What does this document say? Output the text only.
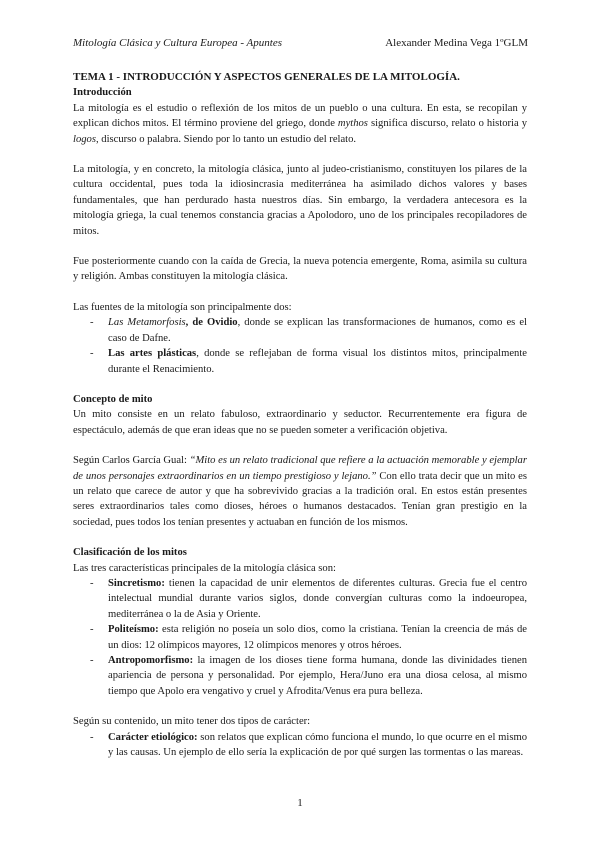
Mitología Clásica y Cultura Europea - Apuntes	Alexander Medina Vega 1ºGLM
TEMA 1 - INTRODUCCIÓN Y ASPECTOS GENERALES DE LA MITOLOGÍA.
Introducción

La mitología es el estudio o reflexión de los mitos de un pueblo o una cultura. En esta, se recopilan y explican dichos mitos. El término proviene del griego, donde mythos significa discurso, relato o historia y logos, discurso o palabra. Siendo por lo tanto un estudio del relato.

La mitología, y en concreto, la mitología clásica, junto al judeo-cristianismo, constituyen los pilares de la cultura occidental, pues toda la idiosincrasia mediterránea ha asimilado dichos valores y bases fundamentales, que han perdurado hasta nuestros días. Sin embargo, la verdadera antecesora es la mitología griega, la cual tenemos constancia gracias a Apolodoro, uno de los principales recopiladores de mitos.

Fue posteriormente cuando con la caída de Grecia, la nueva potencia emergente, Roma, asimila su cultura y religión. Ambas constituyen la mitología clásica.

Las fuentes de la mitología son principalmente dos:

- Las Metamorfosis, de Ovidio, donde se explican las transformaciones de humanos, como es el caso de Dafne.
- Las artes plásticas, donde se reflejaban de forma visual los distintos mitos, principalmente durante el Renacimiento.
Concepto de mito

Un mito consiste en un relato fabuloso, extraordinario y seductor. Recurrentemente era figura de espectáculo, además de que eran ideas que no se pueden someter a verificación objetiva.

Según Carlos García Gual: “Mito es un relato tradicional que refiere a la actuación memorable y ejemplar de unos personajes extraordinarios en un tiempo prestigioso y lejano.” Con ello trata decir que un mito es un relato que carece de autor y que ha sobrevivido gracias a la tradición oral. En estos están presentes seres extraordinarios tales como dioses, héroes o humanos destacados. Tenían gran prestigio en la sociedad, pues todos los tenían presentes y actuaban en función de los mismos.

Clasificación de los mitos

Las tres características principales de la mitología clásica son:

- Sincretismo: tienen la capacidad de unir elementos de diferentes culturas. Grecia fue el centro intelectual mundial durante varios siglos, donde convergían culturas como la indoeuropea, mediterránea o la de Asia y Oriente.
- Politeísmo: esta religión no poseía un solo dios, como la cristiana. Tenían la creencia de más de un dios: 12 olímpicos mayores, 12 olímpicos menores y otros héroes.
- Antropomorfismo: la imagen de los dioses tiene forma humana, donde las divinidades tienen apariencia de persona y personalidad. Por ejemplo, Hera/Juno era una diosa celosa, al mismo tiempo que Apolo era vengativo y cruel y Afrodita/Venus era pura belleza.

Según su contenido, un mito tener dos tipos de carácter:

- Carácter etiológico: son relatos que explican cómo funciona el mundo, lo que ocurre en el mismo y las causas. Un ejemplo de ello sería la explicación de por qué surgen las tormentas o las mareas.
1
